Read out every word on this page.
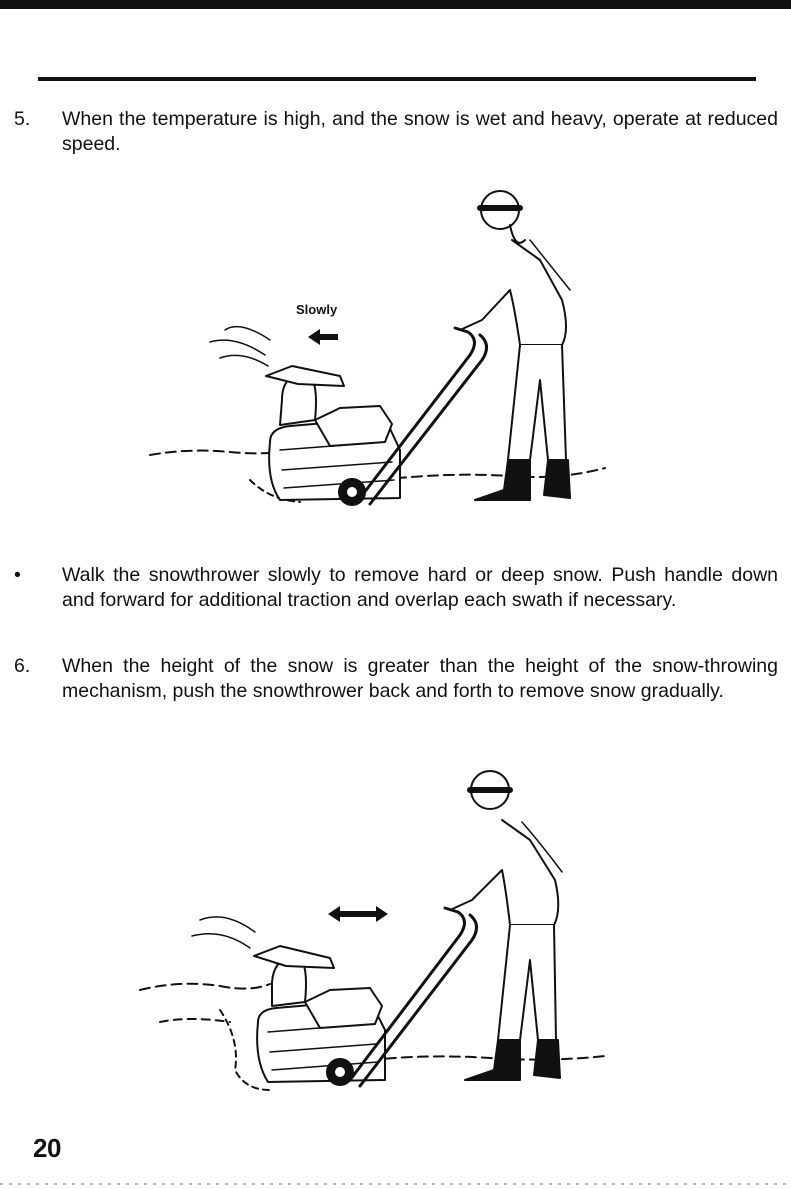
5. When the temperature is high, and the snow is wet and heavy, operate at reduced speed.

Slowly

• Walk the snowthrower slowly to remove hard or deep snow. Push handle down and forward for additional traction and overlap each swath if necessary.

6. When the height of the snow is greater than the height of the snow-throwing mechanism, push the snowthrower back and forth to remove snow gradually.

20
